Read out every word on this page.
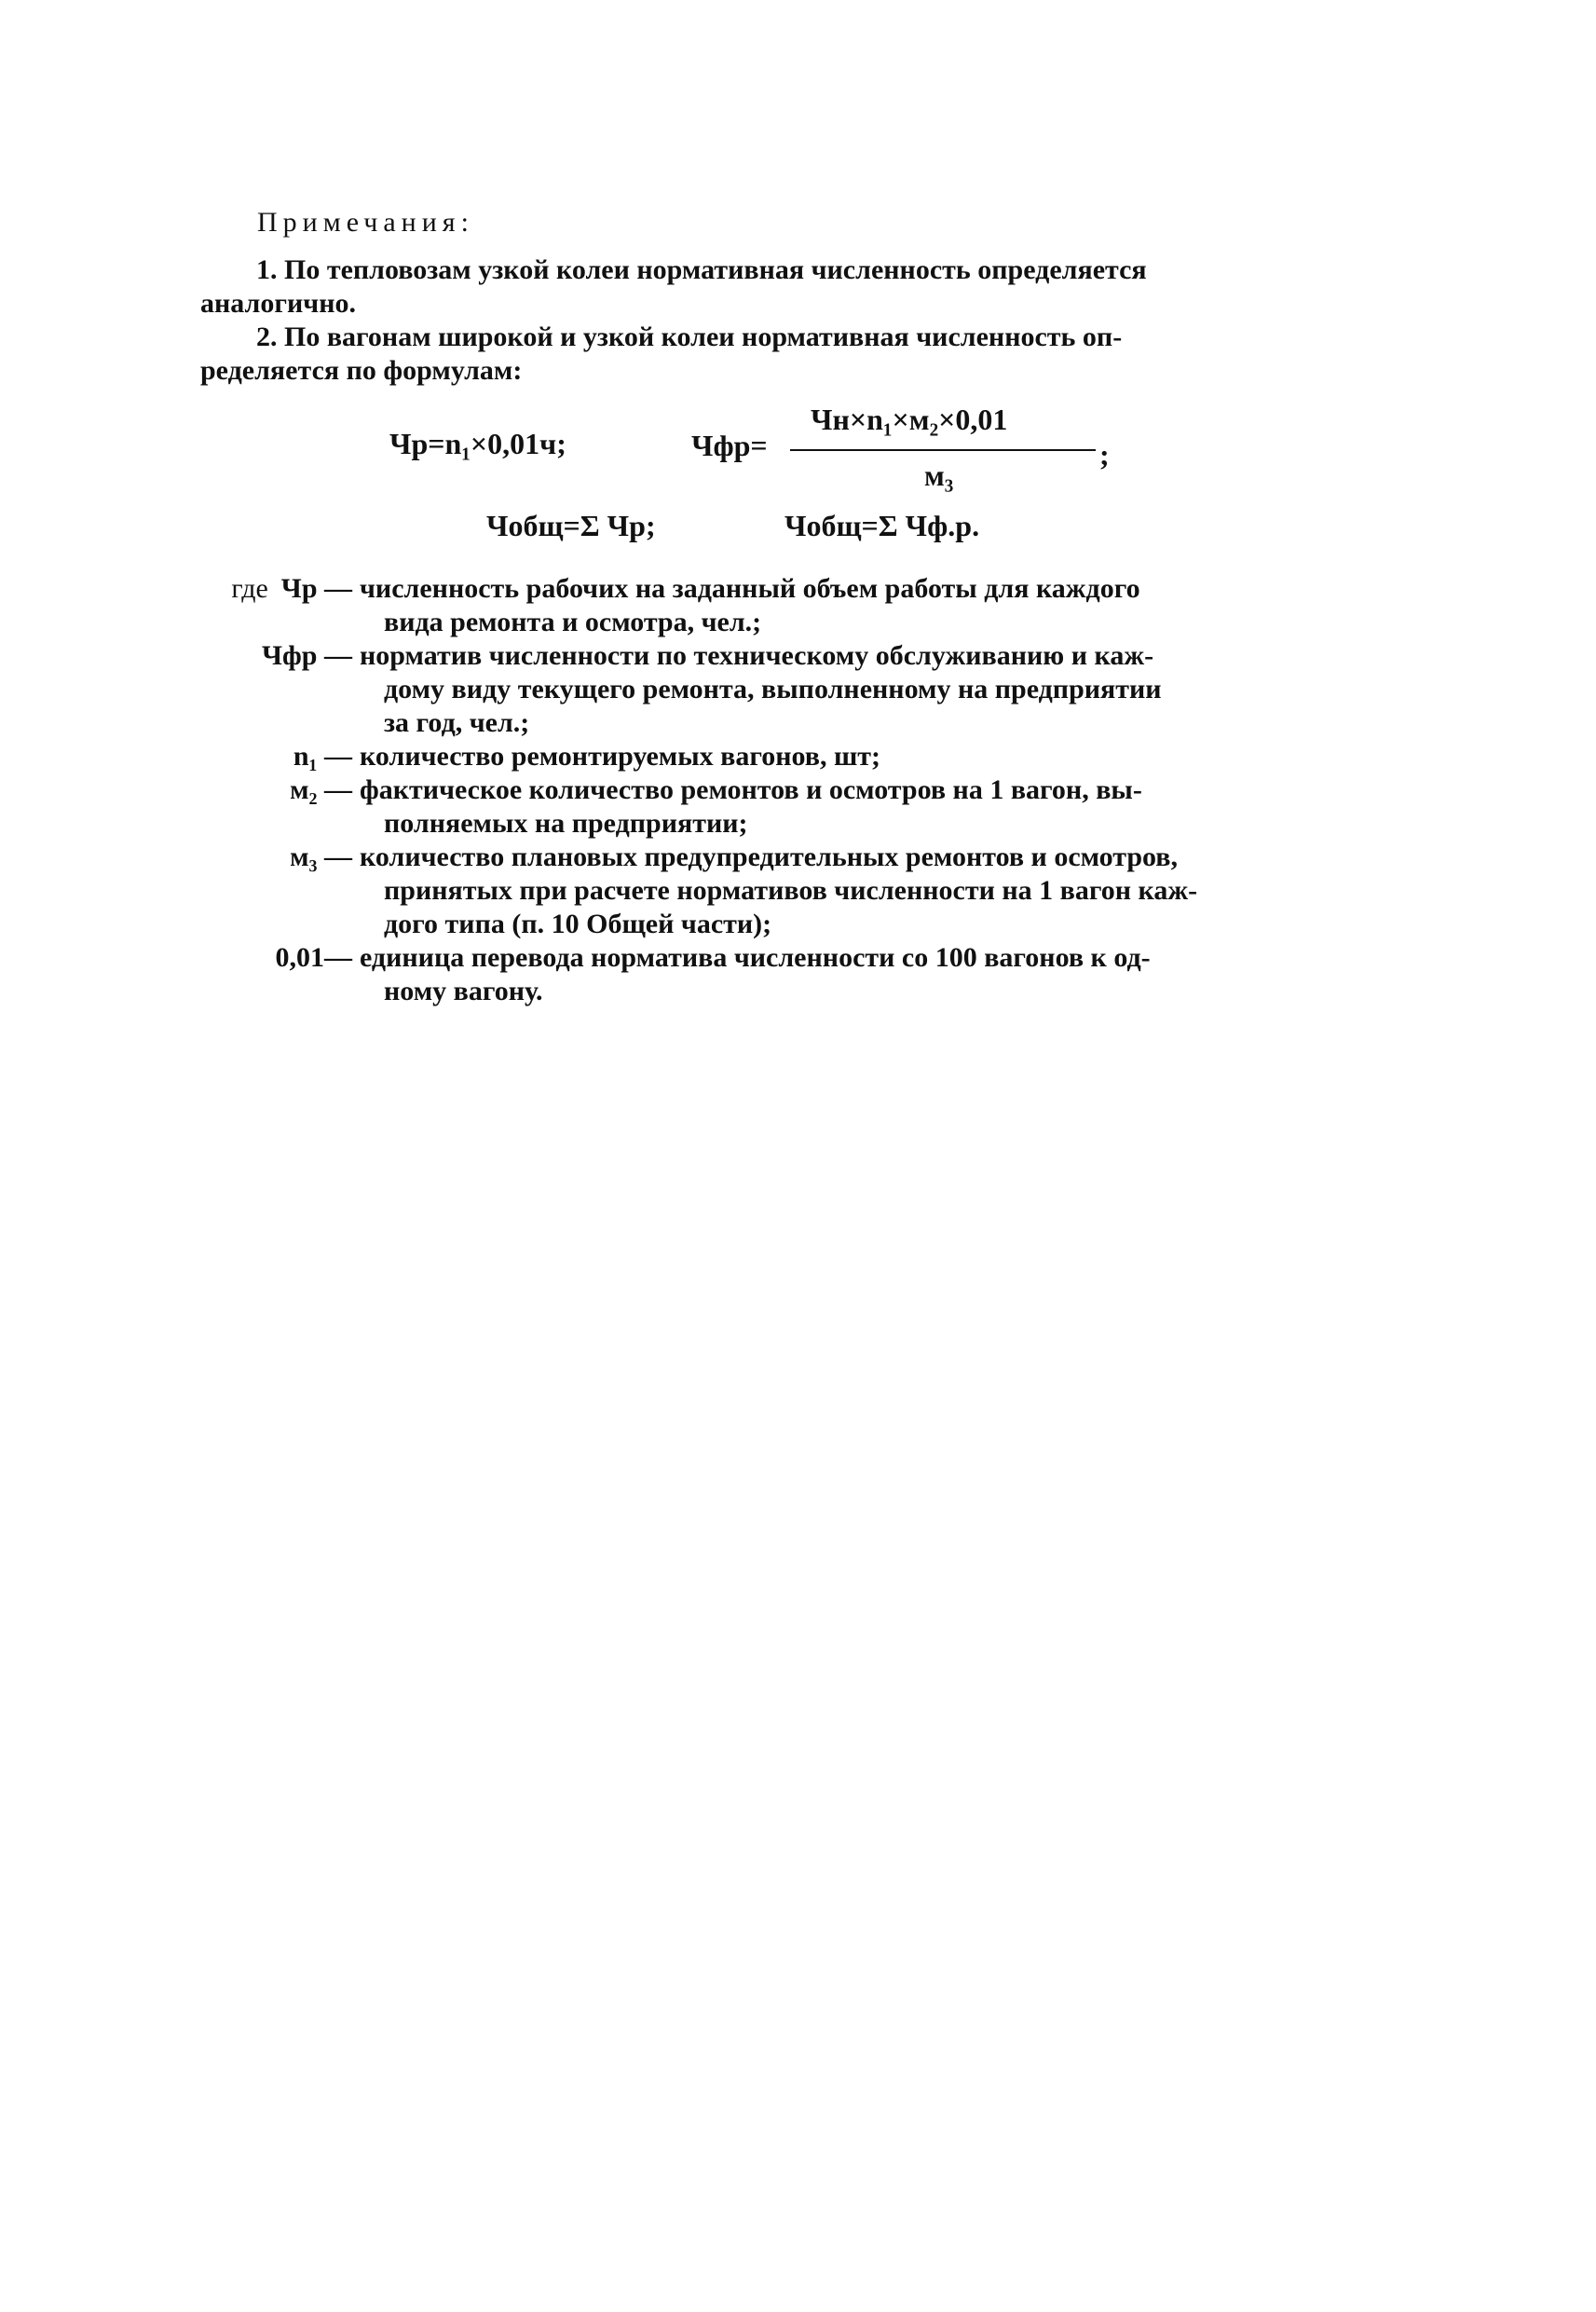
Примечания:
1. По тепловозам узкой колеи нормативная численность определяется
аналогично.
2. По вагонам широкой и узкой колеи нормативная численность оп-
ределяется по формулам:
Чр=n₁×0,01ч;	Чфр=
Чн×n₁×м₂×0,01
м₃
;
Чобщ=Σ Чр;	Чобщ=Σ Чф.р.
где Чр — численность рабочих на заданный объем работы для каждого
вида ремонта и осмотра, чел.;
Чфр — норматив численности по техническому обслуживанию и каж-
дому виду текущего ремонта, выполненному на предприятии
за год, чел.;
n₁ — количество ремонтируемых вагонов, шт;
м₂ — фактическое количество ремонтов и осмотров на 1 вагон, вы-
полняемых на предприятии;
м₃ — количество плановых предупредительных ремонтов и осмотров,
принятых при расчете нормативов численности на 1 вагон каж-
дого типа (п. 10 Общей части);
0,01— единица перевода норматива численности со 100 вагонов к од-
ному вагону.
